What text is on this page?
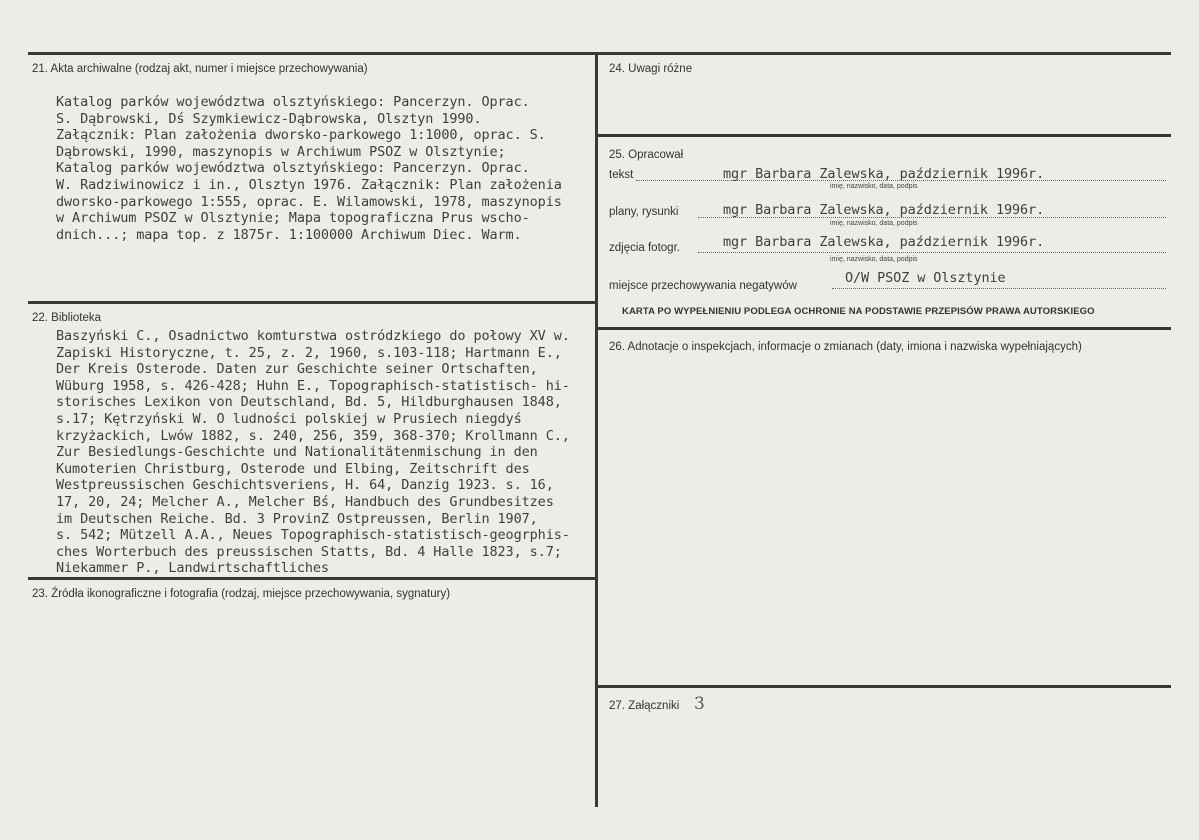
21. Akta archiwalne (rodzaj akt, numer i miejsce przechowywania)
Katalog parków województwa olsztyńskiego: Pancerzyn. Oprac.
S. Dąbrowski, Dś Szymkiewicz-Dąbrowska, Olsztyn 1990.
Załącznik: Plan założenia dworsko-parkowego 1:1000, oprac. S.
Dąbrowski, 1990, maszynopis w Archiwum PSOZ w Olsztynie;
Katalog parków województwa olsztyńskiego: Pancerzyn. Oprac.
W. Radziwinowicz i in., Olsztyn 1976. Załącznik: Plan założenia
dworsko-parkowego 1:555, oprac. E. Wilamowski, 1978, maszynopis
w Archiwum PSOZ w Olsztynie; Mapa topograficzna Prus wscho-
dnich...; mapa top. z 1875r. 1:100000 Archiwum Diec. Warm.
22. Biblioteka
Baszyński C., Osadnictwo komturstwa ostródzkiego do połowy XV w.
Zapiski Historyczne, t. 25, z. 2, 1960, s.103-118; Hartmann E.,
Der Kreis Osterode. Daten zur Geschichte seiner Ortschaften,
Wüburg 1958, s. 426-428; Huhn E., Topographisch-statistisch- hi-
storisches Lexikon von Deutschland, Bd. 5, Hildburghausen 1848,
s.17; Kętrzyński W. O ludności polskiej w Prusiech niegdyś
krzyżackich, Lwów 1882, s. 240, 256, 359, 368-370; Krollmann C.,
Zur Besiedlungs-Geschichte und Nationalitätenmischung in den
Kumoterien Christburg, Osterode und Elbing, Zeitschrift des
Westpreussischen Geschichtsveriens, H. 64, Danzig 1923. s. 16,
17, 20, 24; Melcher A., Melcher Bś, Handbuch des Grundbesitzes
im Deutschen Reiche. Bd. 3 ProvinZ Ostpreussen, Berlin 1907,
s. 542; Mützell A.A., Neues Topographisch-statistisch-geogrphis-
ches Worterbuch des preussischen Statts, Bd. 4 Halle 1823, s.7;
Niekammer P., Landwirtschaftliches
23. Źródła ikonograficzne i fotografia (rodzaj, miejsce przechowywania, sygnatury)
24. Uwagi różne
25. Opracował
tekst	mgr Barbara Zalewska, październik 1996r.
imię, nazwisko, data, podpis
plany, rysunki	mgr Barbara Zalewska, październik 1996r.
imię, nazwisko, data, podpis
zdjęcia fotogr.	mgr Barbara Zalewska, październik 1996r.
imię, nazwisko, data, podpis
miejsce przechowywania negatywów	O/W PSOZ w Olsztynie
KARTA PO WYPEŁNIENIU PODLEGA OCHRONIE NA PODSTAWIE PRZEPISÓW PRAWA AUTORSKIEGO
26. Adnotacje o inspekcjach, informacje o zmianach (daty, imiona i nazwiska wypełniających)
27. Załączniki 3
